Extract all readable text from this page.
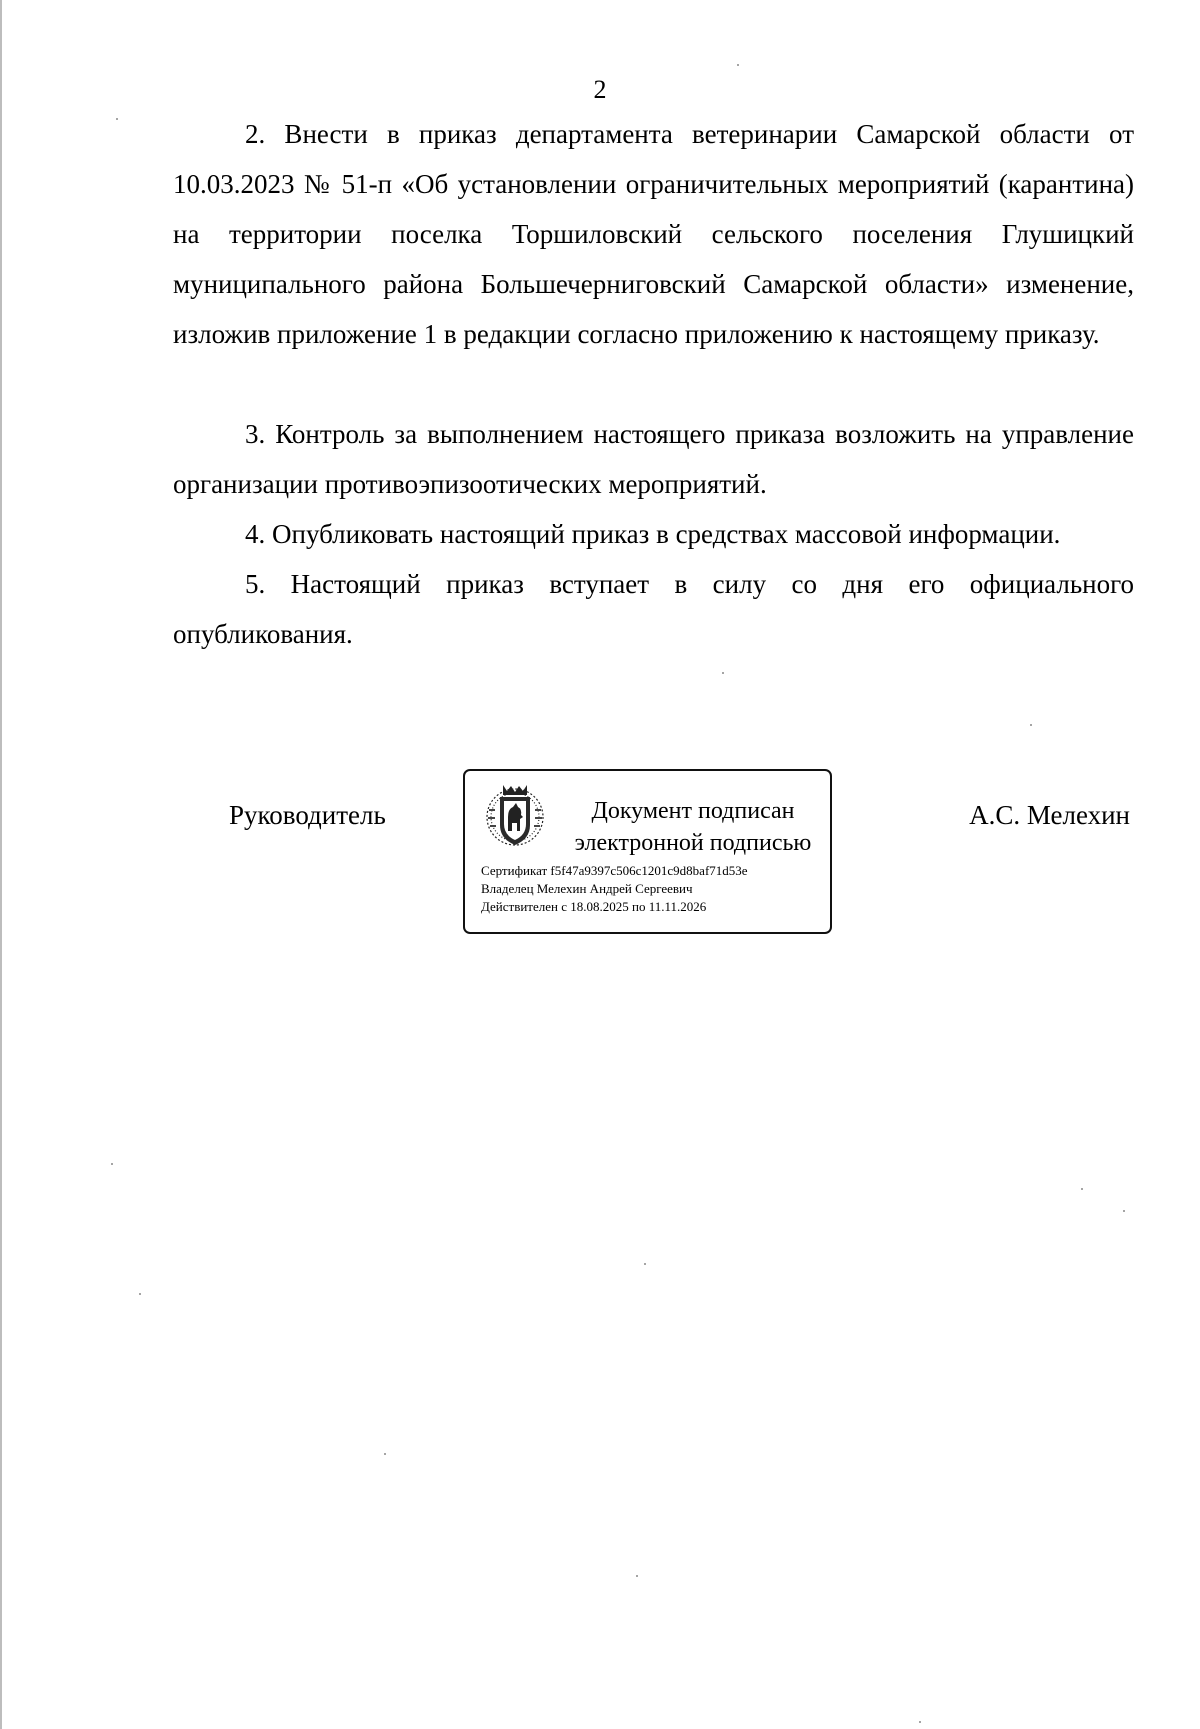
2

2. Внести в приказ департамента ветеринарии Самарской области от 10.03.2023 № 51-п «Об установлении ограничительных мероприятий (карантина) на территории поселка Торшиловский сельского поселения Глушицкий муниципального района Большечерниговский Самарской области» изменение, изложив приложение 1 в редакции согласно приложению к настоящему приказу.

3. Контроль за выполнением настоящего приказа возложить на управление организации противоэпизоотических мероприятий.

4. Опубликовать настоящий приказ в средствах массовой информации.

5. Настоящий приказ вступает в силу со дня его официального опубликования.

Руководитель	Документ подписан
электронной подписью
Сертификат f5f47a9397c506c1201c9d8baf71d53e
Владелец Мелехин Андрей Сергеевич
Действителен с 18.08.2025 по 11.11.2026
А.С. Мелехин
